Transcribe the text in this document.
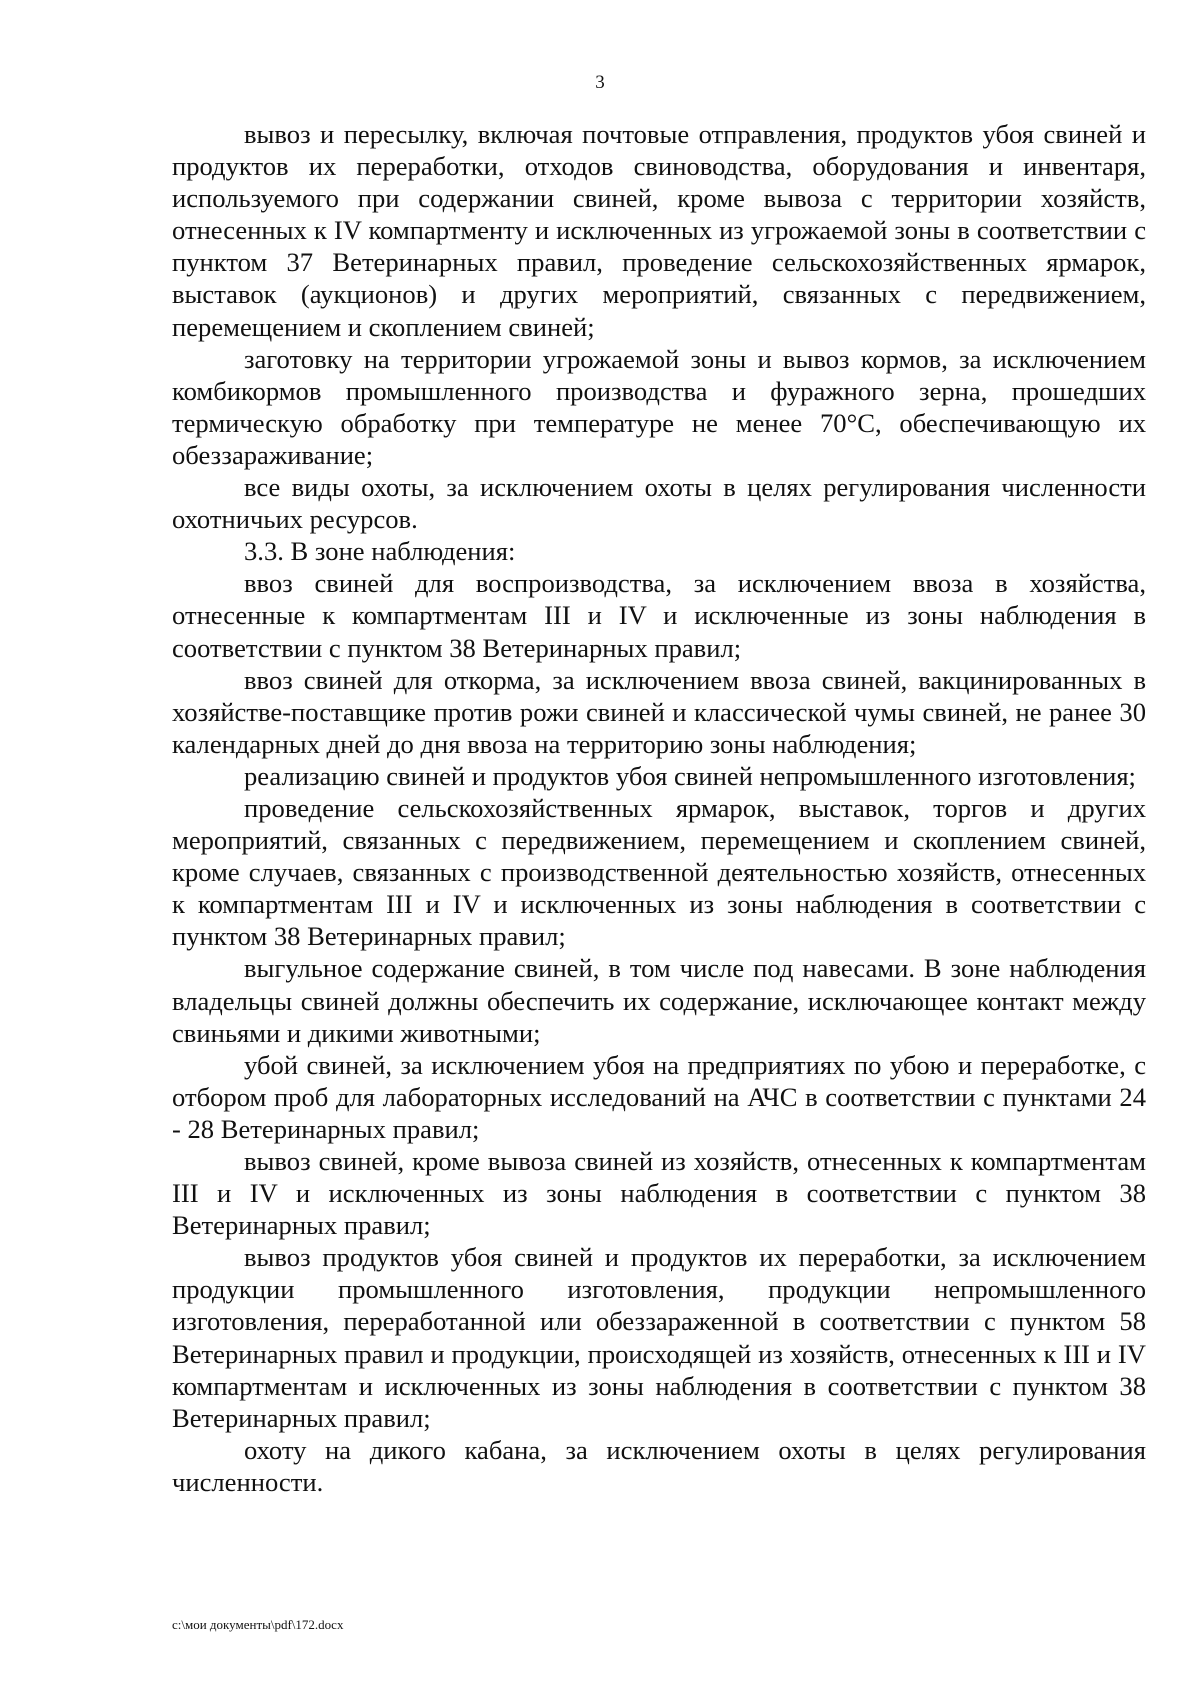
3

вывоз и пересылку, включая почтовые отправления, продуктов убоя свиней и продуктов их переработки, отходов свиноводства, оборудования и инвентаря, используемого при содержании свиней, кроме вывоза с территории хозяйств, отнесенных к IV компартменту и исключенных из угрожаемой зоны в соответствии с пунктом 37 Ветеринарных правил, проведение сельскохозяйственных ярмарок, выставок (аукционов) и других мероприятий, связанных с передвижением, перемещением и скоплением свиней;

заготовку на территории угрожаемой зоны и вывоз кормов, за исключением комбикормов промышленного производства и фуражного зерна, прошедших термическую обработку при температуре не менее 70°С, обеспечивающую их обеззараживание;

все виды охоты, за исключением охоты в целях регулирования численности охотничьих ресурсов.

3.3. В зоне наблюдения:

ввоз свиней для воспроизводства, за исключением ввоза в хозяйства, отнесенные к компартментам III и IV и исключенные из зоны наблюдения в соответствии с пунктом 38 Ветеринарных правил;

ввоз свиней для откорма, за исключением ввоза свиней, вакцинированных в хозяйстве-поставщике против рожи свиней и классической чумы свиней, не ранее 30 календарных дней до дня ввоза на территорию зоны наблюдения;

реализацию свиней и продуктов убоя свиней непромышленного изготовления;

проведение сельскохозяйственных ярмарок, выставок, торгов и других мероприятий, связанных с передвижением, перемещением и скоплением свиней, кроме случаев, связанных с производственной деятельностью хозяйств, отнесенных к компартментам III и IV и исключенных из зоны наблюдения в соответствии с пунктом 38 Ветеринарных правил;

выгульное содержание свиней, в том числе под навесами. В зоне наблюдения владельцы свиней должны обеспечить их содержание, исключающее контакт между свиньями и дикими животными;

убой свиней, за исключением убоя на предприятиях по убою и переработке, с отбором проб для лабораторных исследований на АЧС в соответствии с пунктами 24 - 28 Ветеринарных правил;

вывоз свиней, кроме вывоза свиней из хозяйств, отнесенных к компартментам III и IV и исключенных из зоны наблюдения в соответствии с пунктом 38 Ветеринарных правил;

вывоз продуктов убоя свиней и продуктов их переработки, за исключением продукции промышленного изготовления, продукции непромышленного изготовления, переработанной или обеззараженной в соответствии с пунктом 58 Ветеринарных правил и продукции, происходящей из хозяйств, отнесенных к III и IV компартментам и исключенных из зоны наблюдения в соответствии с пунктом 38 Ветеринарных правил;

охоту на дикого кабана, за исключением охоты в целях регулирования численности.

c:\мои документы\pdf\172.docx
